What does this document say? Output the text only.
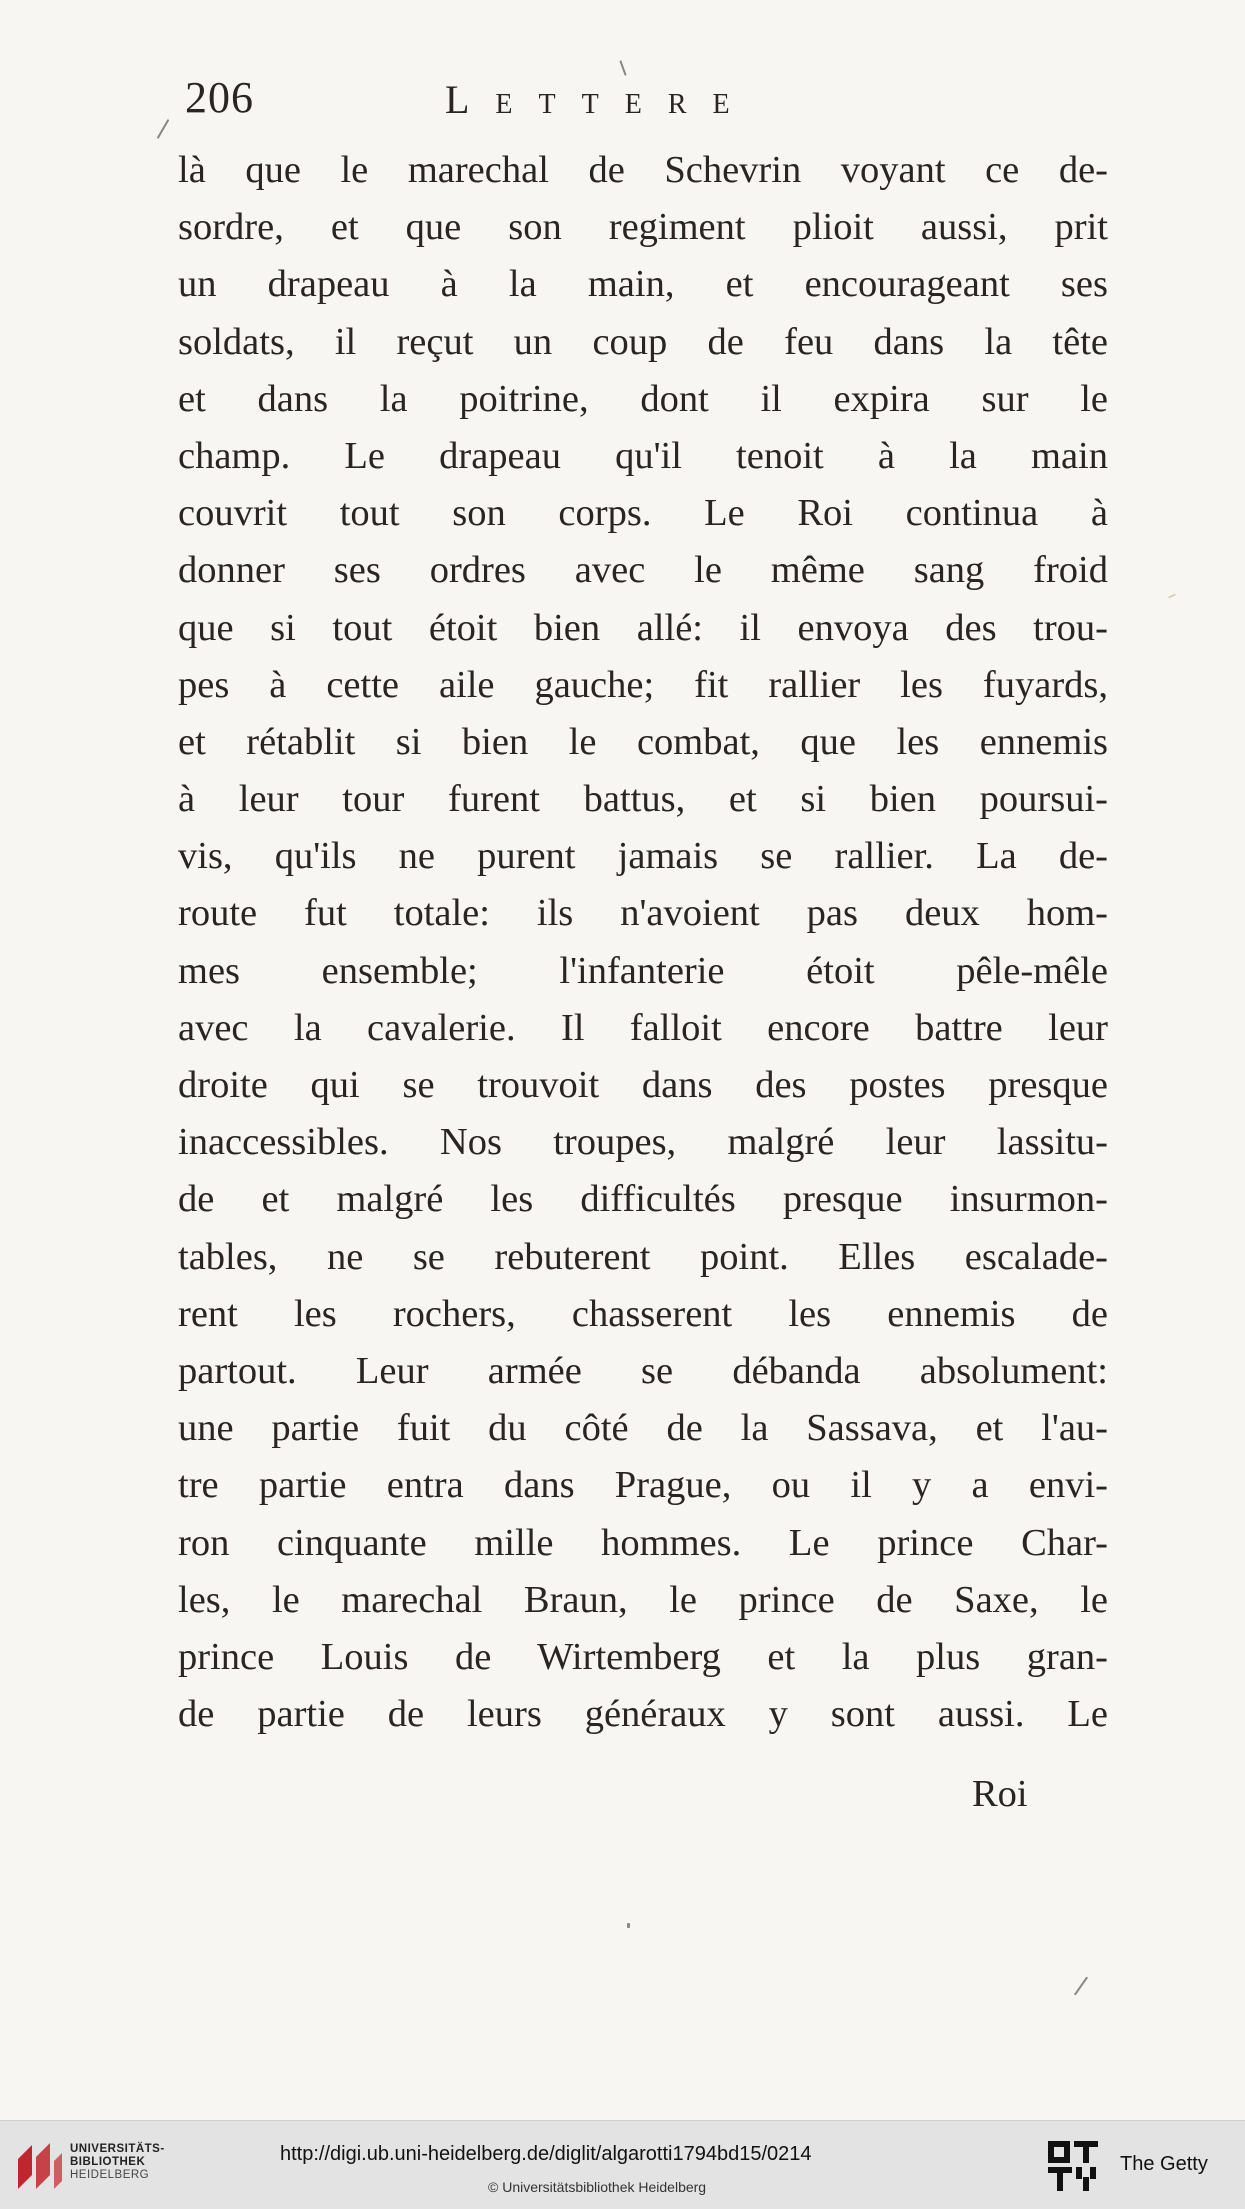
206	Lettere
là que le marechal de Schevrin voyant ce de-
sordre, et que son regiment plioit aussi, prit
un drapeau à la main, et encourageant ses
soldats, il reçut un coup de feu dans la tête
et dans la poitrine, dont il expira sur le
champ. Le drapeau qu'il tenoit à la main
couvrit tout son corps. Le Roi continua à
donner ses ordres avec le même sang froid
que si tout étoit bien allé: il envoya des trou-
pes à cette aile gauche; fit rallier les fuyards,
et rétablit si bien le combat, que les ennemis
à leur tour furent battus, et si bien poursui-
vis, qu'ils ne purent jamais se rallier. La de-
route fut totale: ils n'avoient pas deux hom-
mes ensemble; l'infanterie étoit pêle-mêle
avec la cavalerie. Il falloit encore battre leur
droite qui se trouvoit dans des postes presque
inaccessibles. Nos troupes, malgré leur lassitu-
de et malgré les difficultés presque insurmon-
tables, ne se rebuterent point. Elles escalade-
rent les rochers, chasserent les ennemis de
partout. Leur armée se débanda absolument:
une partie fuit du côté de la Sassava, et l'au-
tre partie entra dans Prague, ou il y a envi-
ron cinquante mille hommes. Le prince Char-
les, le marechal Braun, le prince de Saxe, le
prince Louis de Wirtemberg et la plus gran-
de partie de leurs généraux y sont aussi. Le
Roi
UNIVERSITÄTS-
BIBLIOTHEK
HEIDELBERG
http://digi.ub.uni-heidelberg.de/diglit/algarotti1794bd15/0214
© Universitätsbibliothek Heidelberg
The Getty
